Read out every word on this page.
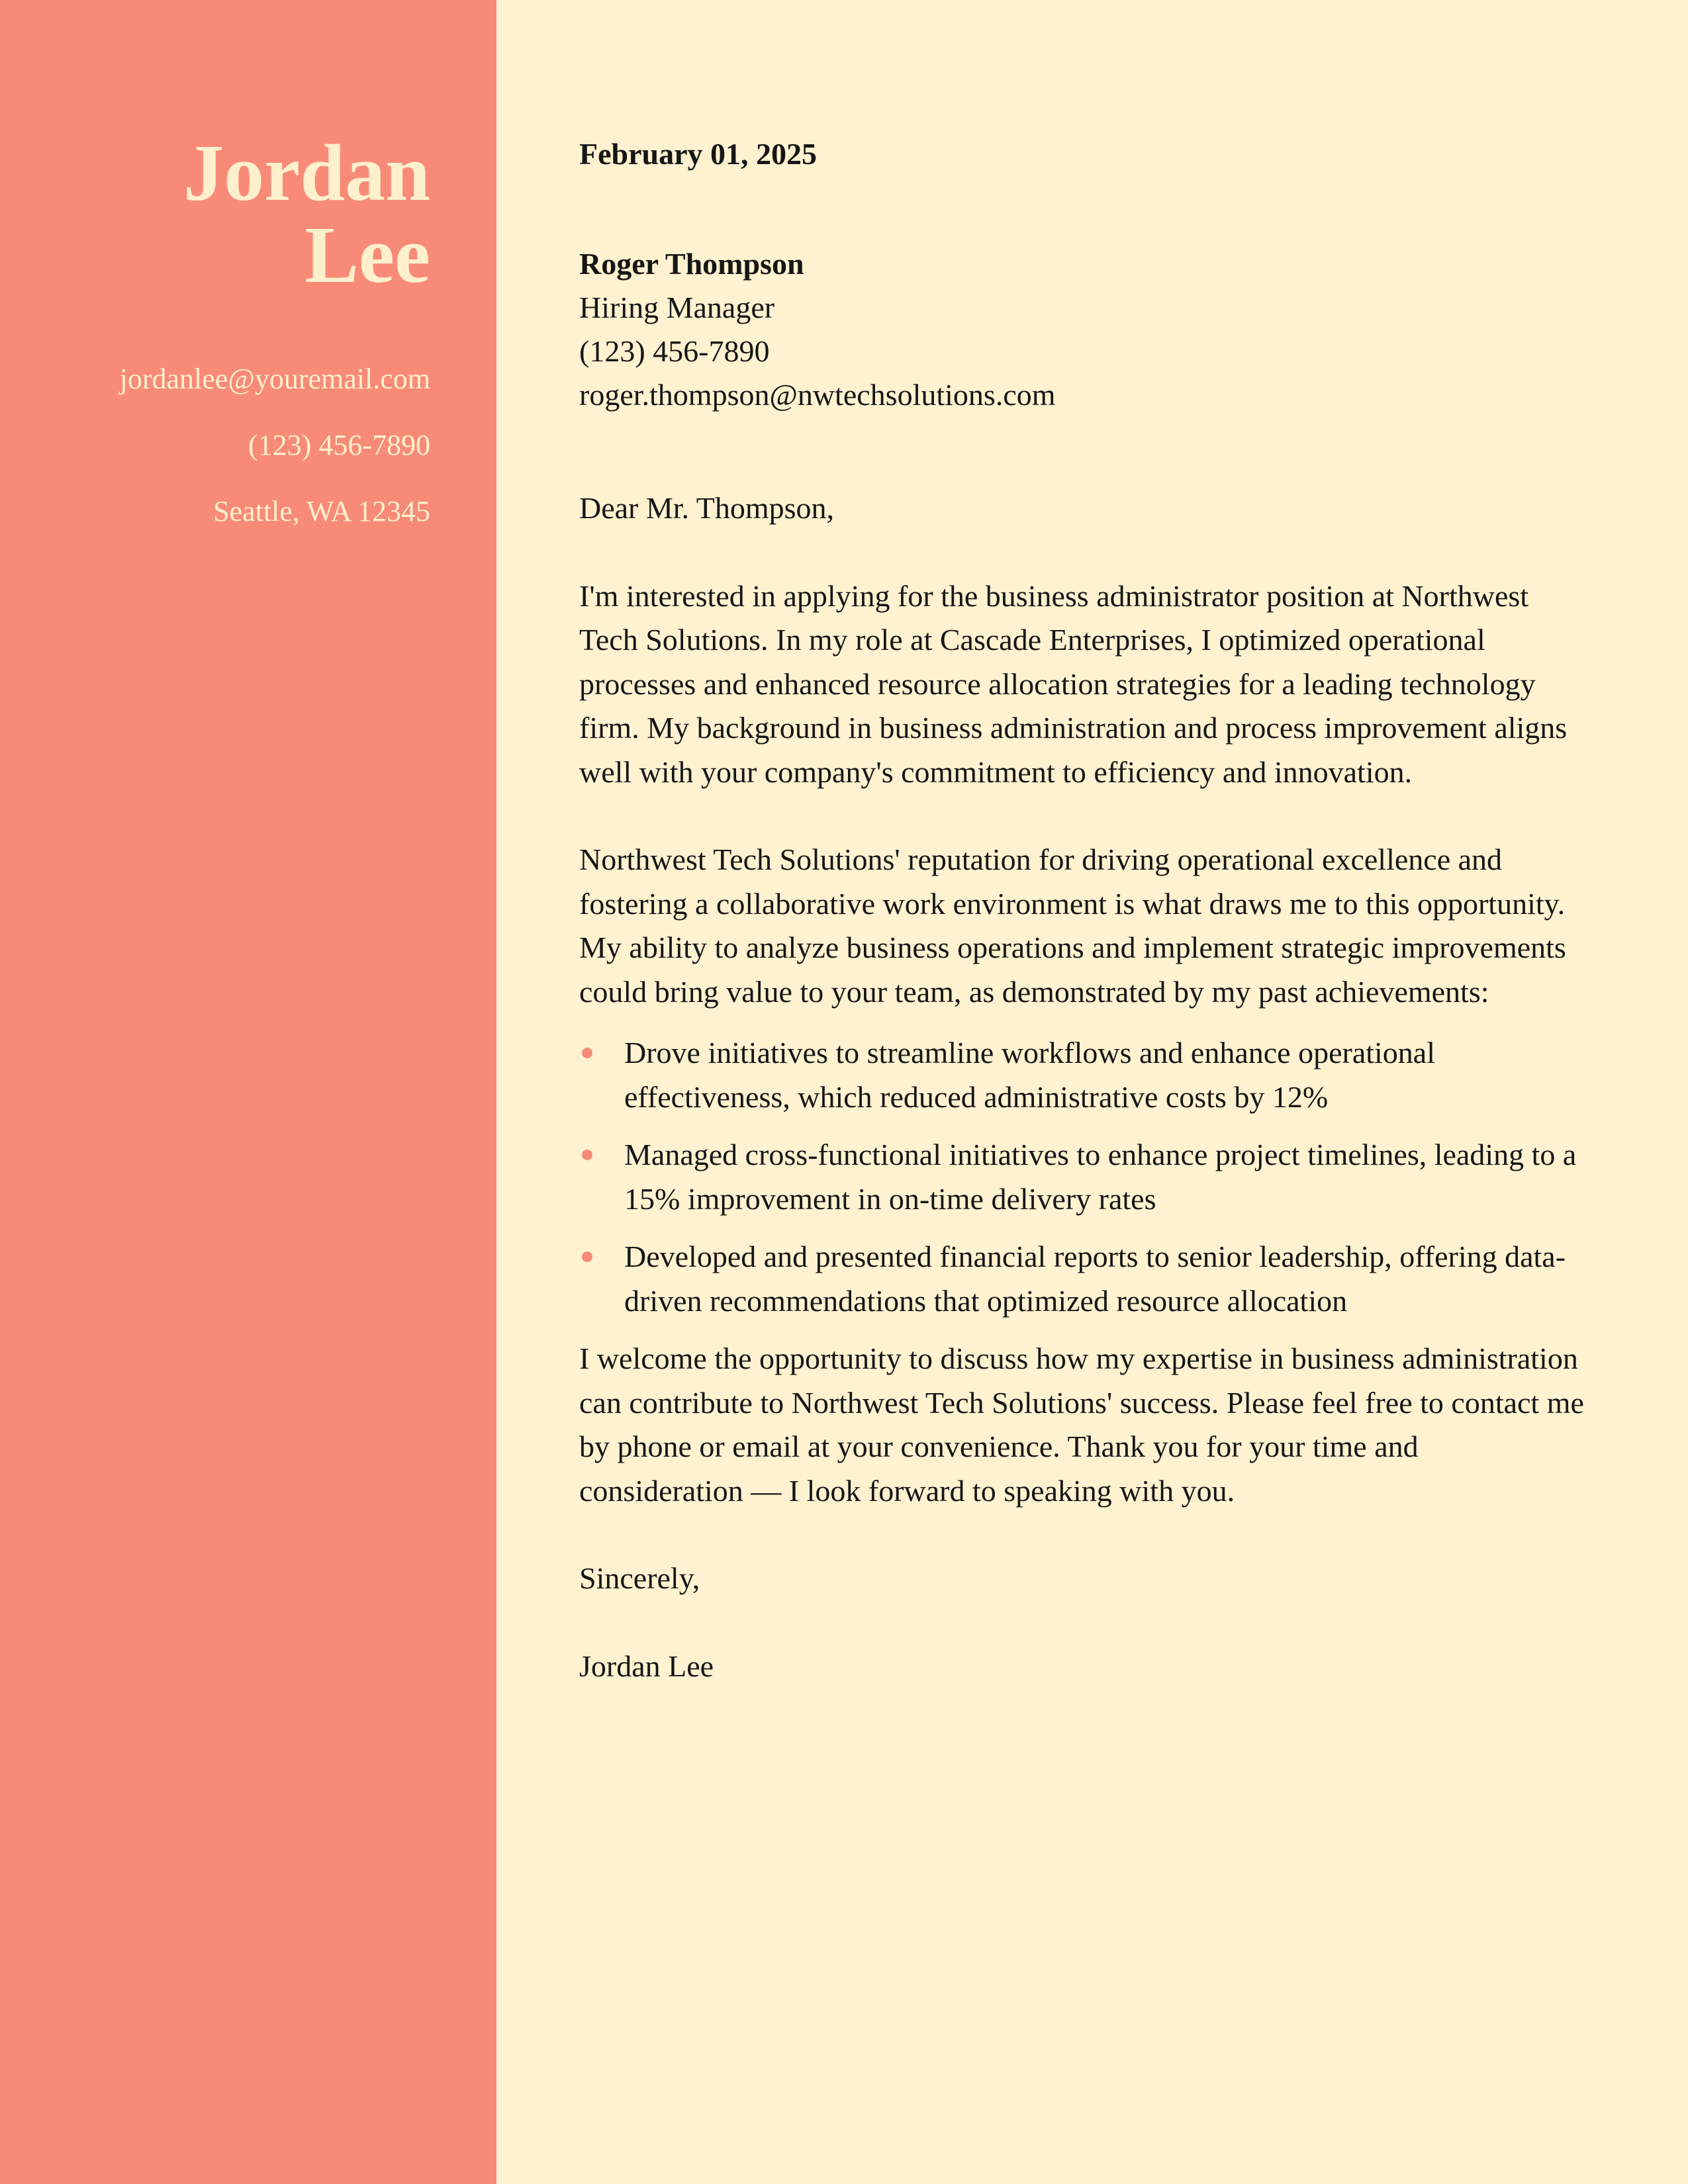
Jordan
Lee
jordanlee@youremail.com
(123) 456-7890
Seattle, WA 12345
February 01, 2025
Roger Thompson
Hiring Manager
(123) 456-7890
roger.thompson@nwtechsolutions.com

Dear Mr. Thompson,

I'm interested in applying for the business administrator position at Northwest Tech Solutions. In my role at Cascade Enterprises, I optimized operational processes and enhanced resource allocation strategies for a leading technology firm. My background in business administration and process improvement aligns well with your company's commitment to efficiency and innovation.

Northwest Tech Solutions' reputation for driving operational excellence and fostering a collaborative work environment is what draws me to this opportunity. My ability to analyze business operations and implement strategic improvements could bring value to your team, as demonstrated by my past achievements:

Drove initiatives to streamline workflows and enhance operational effectiveness, which reduced administrative costs by 12%
Managed cross-functional initiatives to enhance project timelines, leading to a 15% improvement in on-time delivery rates
Developed and presented financial reports to senior leadership, offering data-driven recommendations that optimized resource allocation

I welcome the opportunity to discuss how my expertise in business administration can contribute to Northwest Tech Solutions' success. Please feel free to contact me by phone or email at your convenience. Thank you for your time and consideration — I look forward to speaking with you.

Sincerely,

Jordan Lee
